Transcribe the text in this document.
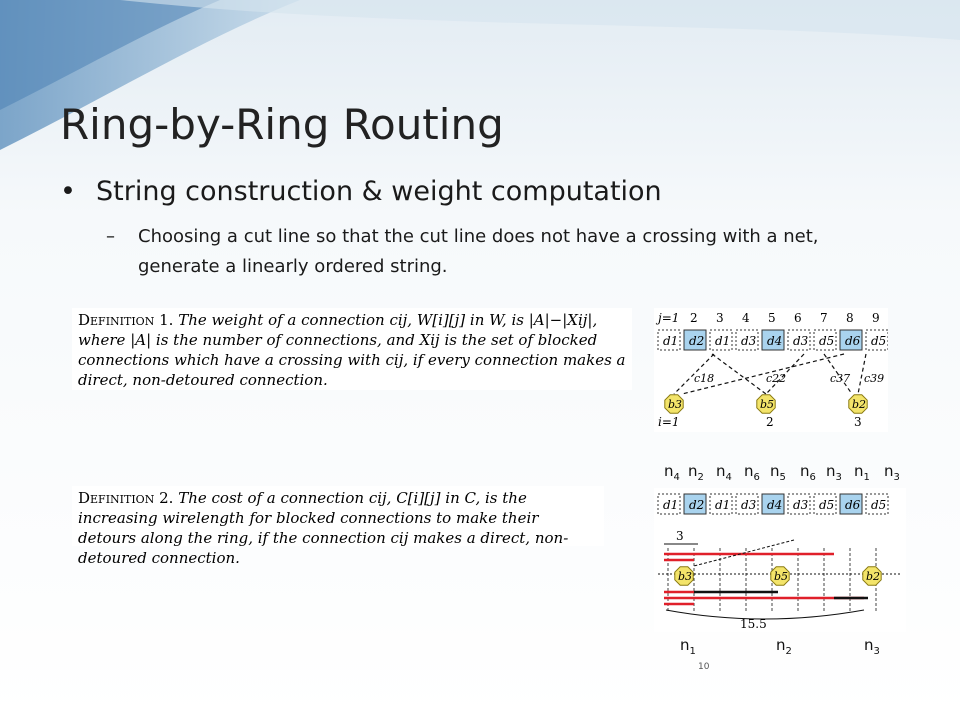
Ring-by-Ring Routing
• String construction & weight computation
– Choosing a cut line so that the cut line does not have a crossing with a net, generate a linearly ordered string.
Definition 1. The weight of a connection cij, W[i][j] in W, is |A|−|Xij|, where |A| is the number of connections, and Xij is the set of blocked connections which have a crossing with cij, if every connection makes a direct, non-detoured connection.
Definition 2. The cost of a connection cij, C[i][j] in C, is the increasing wirelength for blocked connections to make their detours along the ring, if the connection cij makes a direct, non-detoured connection.
j=1 2 3 4 5 6 7 8 9
d1 d2 d1 d3 d4 d3 d5 d6 d5
c18	c22	c37 c39
b3	b5	b2
i=1	2	3
$n_4$ $n_2$ $n_4$ $n_6$ $n_5$ $n_6$ $n_3$ $n_1$ $n_3$
d1 d2 d1 d3 d4 d3 d5 d6 d5
3
15.5
b3	b5	b2
$n_1$	$n_2$	$n_3$
10
